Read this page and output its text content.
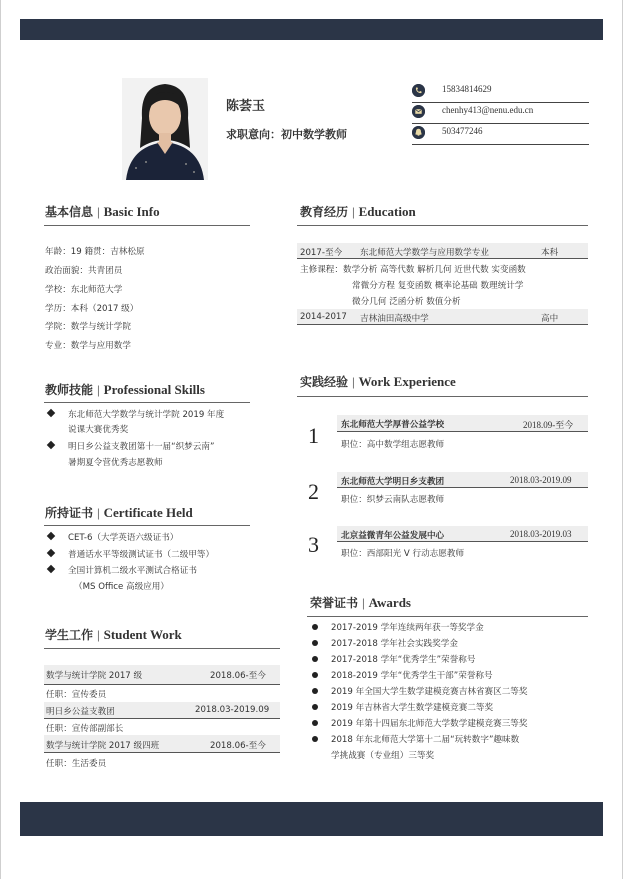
陈荟玉
求职意向：初中数学教师
15834814629
chenhy413@nenu.edu.cn
503477246
基本信息 | Basic Info
年龄：19 籍贯：吉林松原
政治面貌：共青团员
学校：东北师范大学
学历：本科（2017 级）
学院：数学与统计学院
专业：数学与应用数学
教师技能 | Professional Skills
东北师范大学数学与统计学院 2019 年度
说课大赛优秀奖
明日乡公益支教团第十一届“织梦云南”
暑期夏令营优秀志愿教师
所持证书 | Certificate Held
CET-6（大学英语六级证书）
普通话水平等级测试证书（二级甲等）
全国计算机二级水平测试合格证书
（MS Office 高级应用）
学生工作 | Student Work
数学与统计学院 2017 级	2018.06-至今
任职：宣传委员
明日乡公益支教团	2018.03-2019.09
任职：宣传部副部长
数学与统计学院 2017 级四班	2018.06-至今
任职：生活委员
教育经历 | Education
2017-至今 东北师范大学数学与应用数学专业	本科
主修课程：数学分析 高等代数 解析几何 近世代数 实变函数
常微分方程 复变函数 概率论基础 数理统计学
微分几何 泛函分析 数值分析
2014-2017 吉林油田高级中学	高中
实践经验 | Work Experience
1	东北师范大学厚普公益学校	2018.09-至今
职位：高中数学组志愿教师
2	东北师范大学明日乡支教团	2018.03-2019.09
职位：织梦云南队志愿教师
3	北京益微青年公益发展中心	2018.03-2019.03
职位：西部阳光 V 行动志愿教师
荣誉证书 | Awards
2017-2019 学年连续两年获一等奖学金
2017-2018 学年社会实践奖学金
2017-2018 学年“优秀学生”荣誉称号
2018-2019 学年“优秀学生干部”荣誉称号
2019 年全国大学生数学建模竞赛吉林省赛区二等奖
2019 年吉林省大学生数学建模竞赛二等奖
2019 年第十四届东北师范大学数学建模竞赛三等奖
2018 年东北师范大学第十二届“玩转数字”趣味数
学挑战赛（专业组）三等奖
